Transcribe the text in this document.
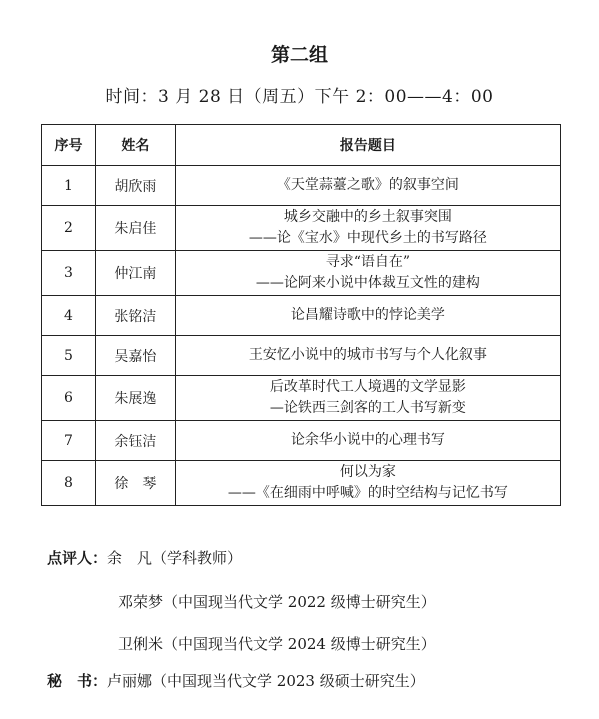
第二组
时间：3 月 28 日（周五）下午 2：00——4：00
序号	姓名	报告题目
1	胡欣雨	《天堂蒜薹之歌》的叙事空间

2	朱启佳	城乡交融中的乡土叙事突围
——论《宝水》中现代乡土的书写路径

3	仲江南	寻求“语自在”
——论阿来小说中体裁互文性的建构

4	张铭洁	论昌耀诗歌中的悖论美学

5	吴嘉怡	王安忆小说中的城市书写与个人化叙事

6	朱展逸	后改革时代工人境遇的文学显影
—论铁西三剑客的工人书写新变

7	余钰洁	论余华小说中的心理书写

8	徐　琴	何以为家
——《在细雨中呼喊》的时空结构与记忆书写
点评人：余　凡（学科教师）
邓荣梦（中国现当代文学 2022 级博士研究生）
卫俐米（中国现当代文学 2024 级博士研究生）
秘　书：卢丽娜（中国现当代文学 2023 级硕士研究生）
